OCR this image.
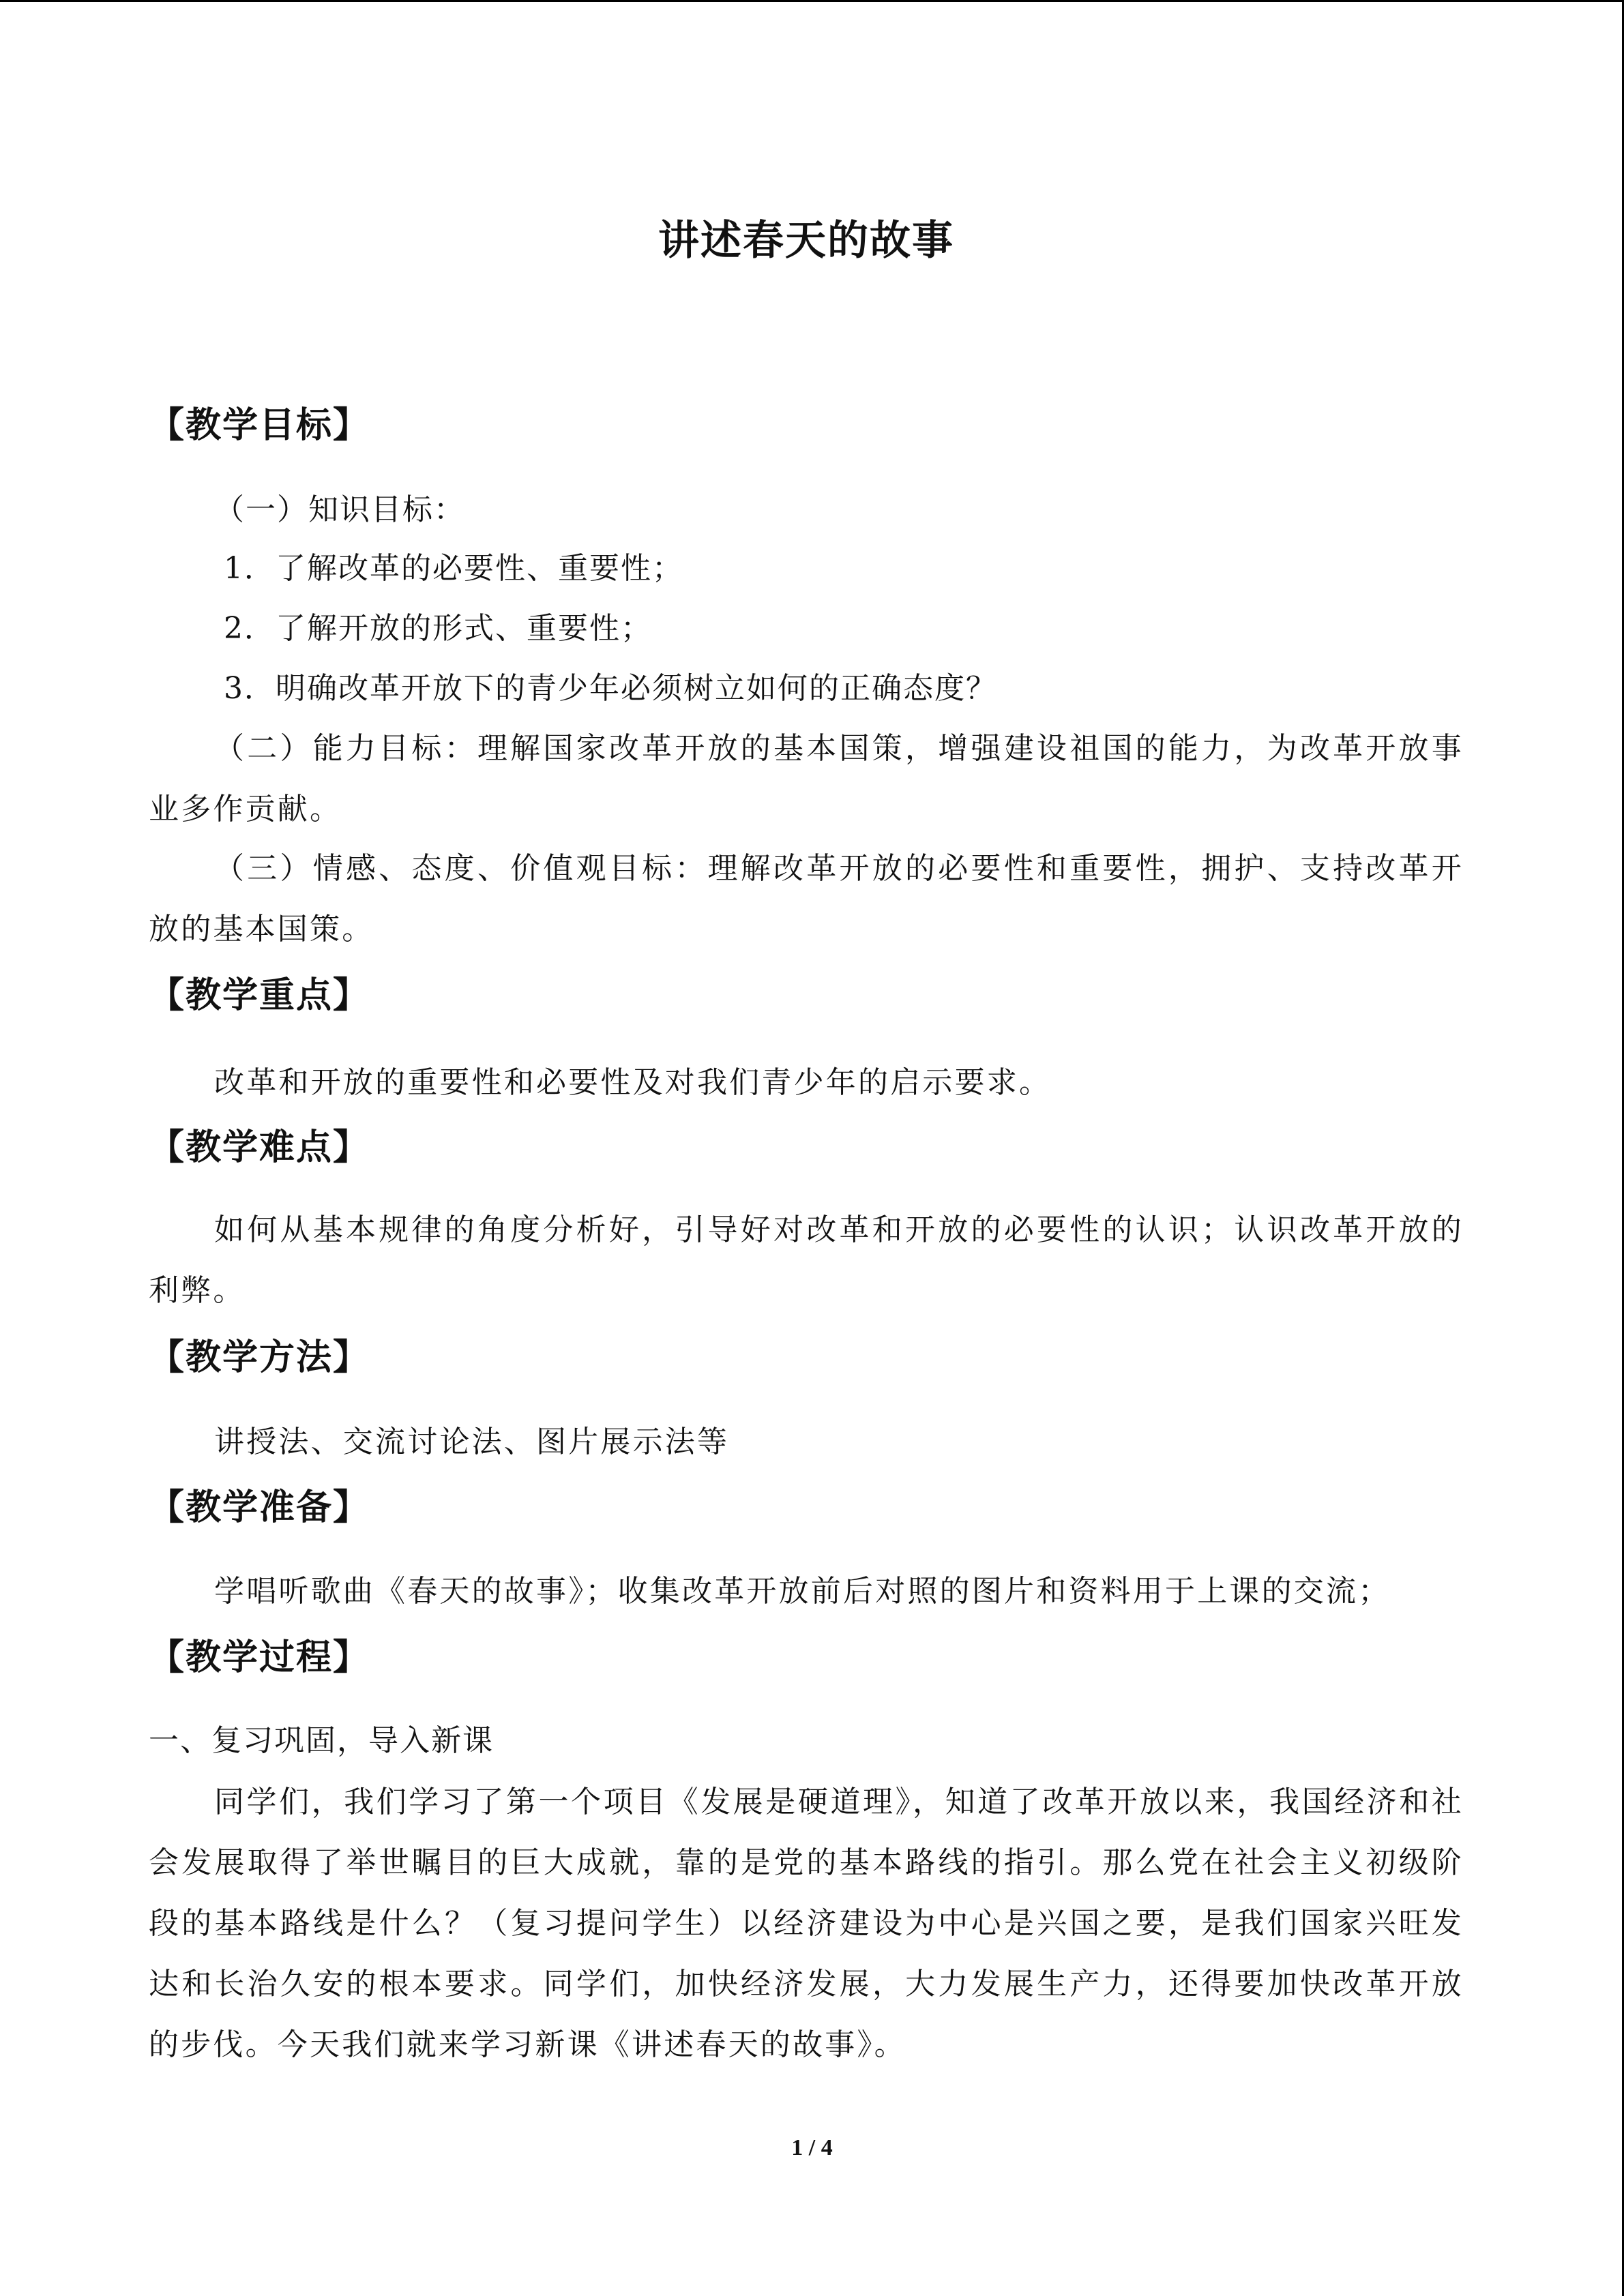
讲述春天的故事
【教学目标】
（一）知识目标：
1．了解改革的必要性、重要性；
2．了解开放的形式、重要性；
3．明确改革开放下的青少年必须树立如何的正确态度？
（二）能力目标：理解国家改革开放的基本国策，增强建设祖国的能力，为改革开放事业多作贡献。
（三）情感、态度、价值观目标：理解改革开放的必要性和重要性，拥护、支持改革开放的基本国策。
【教学重点】
改革和开放的重要性和必要性及对我们青少年的启示要求。
【教学难点】
如何从基本规律的角度分析好，引导好对改革和开放的必要性的认识；认识改革开放的利弊。
【教学方法】
讲授法、交流讨论法、图片展示法等
【教学准备】
学唱听歌曲《春天的故事》；收集改革开放前后对照的图片和资料用于上课的交流；
【教学过程】
一、复习巩固，导入新课
同学们，我们学习了第一个项目《发展是硬道理》，知道了改革开放以来，我国经济和社会发展取得了举世瞩目的巨大成就，靠的是党的基本路线的指引。那么党在社会主义初级阶段的基本路线是什么？（复习提问学生）以经济建设为中心是兴国之要，是我们国家兴旺发达和长治久安的根本要求。同学们，加快经济发展，大力发展生产力，还得要加快改革开放的步伐。今天我们就来学习新课《讲述春天的故事》。
1 / 4
